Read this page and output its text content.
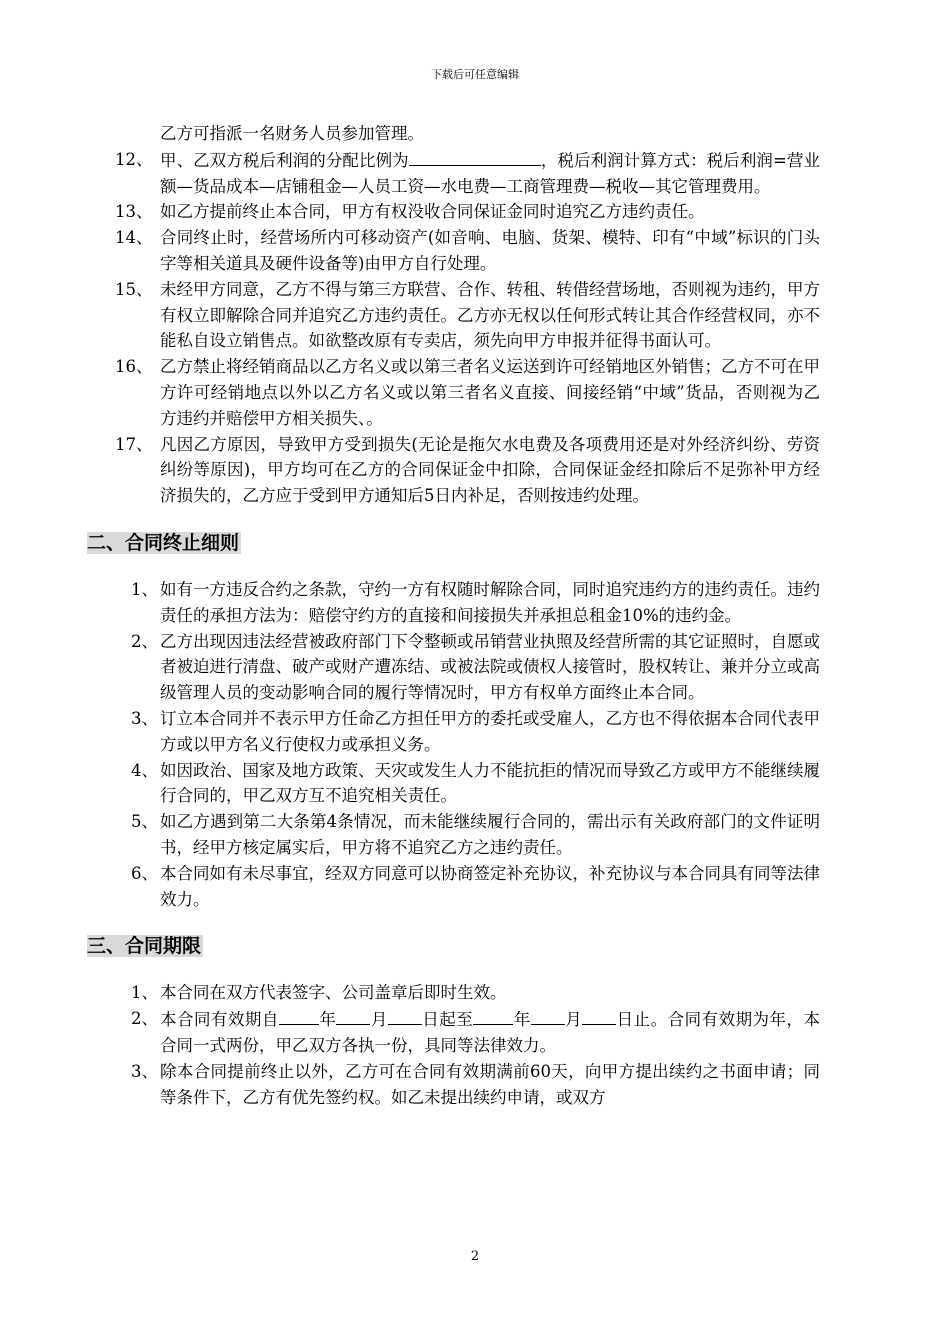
下载后可任意编辑
乙方可指派一名财务人员参加管理。
12、 甲、乙双方税后利润的分配比例为	，税后利润计算方式：税后利润=营业额—货品成本—店铺租金—人员工资—水电费—工商管理费—税收—其它管理费用。
13、 如乙方提前终止本合同，甲方有权没收合同保证金同时追究乙方违约责任。
14、 合同终止时，经营场所内可移动资产(如音响、电脑、货架、模特、印有“中域”标识的门头字等相关道具及硬件设备等)由甲方自行处理。
15、 未经甲方同意，乙方不得与第三方联营、合作、转租、转借经营场地，否则视为违约，甲方有权立即解除合同并追究乙方违约责任。乙方亦无权以任何形式转让其合作经营权同，亦不能私自设立销售点。如欲整改原有专卖店，须先向甲方申报并征得书面认可。
16、 乙方禁止将经销商品以乙方名义或以第三者名义运送到许可经销地区外销售；乙方不可在甲方许可经销地点以外以乙方名义或以第三者名义直接、间接经销“中域”货品，否则视为乙方违约并赔偿甲方相关损失、。
17、 凡因乙方原因，导致甲方受到损失(无论是拖欠水电费及各项费用还是对外经济纠纷、劳资纠纷等原因)，甲方均可在乙方的合同保证金中扣除，合同保证金经扣除后不足弥补甲方经济损失的，乙方应于受到甲方通知后5日内补足，否则按违约处理。
二、合同终止细则
1、 如有一方违反合约之条款，守约一方有权随时解除合同，同时追究违约方的违约责任。违约责任的承担方法为：赔偿守约方的直接和间接损失并承担总租金10%的违约金。
2、 乙方出现因违法经营被政府部门下令整顿或吊销营业执照及经营所需的其它证照时，自愿或者被迫进行清盘、破产或财产遭冻结、或被法院或债权人接管时，股权转让、兼并分立或高级管理人员的变动影响合同的履行等情况时，甲方有权单方面终止本合同。
3、 订立本合同并不表示甲方任命乙方担任甲方的委托或受雇人，乙方也不得依据本合同代表甲方或以甲方名义行使权力或承担义务。
4、 如因政治、国家及地方政策、天灾或发生人力不能抗拒的情况而导致乙方或甲方不能继续履行合同的，甲乙双方互不追究相关责任。
5、 如乙方遇到第二大条第4条情况，而未能继续履行合同的，需出示有关政府部门的文件证明书，经甲方核定属实后，甲方将不追究乙方之违约责任。
6、 本合同如有未尽事宜，经双方同意可以协商签定补充协议，补充协议与本合同具有同等法律效力。
三、合同期限
1、 本合同在双方代表签字、公司盖章后即时生效。
2、 本合同有效期自 年 月 日起至 年 月 日止。合同有效期为年，本合同一式两份，甲乙双方各执一份，具同等法律效力。
3、 除本合同提前终止以外，乙方可在合同有效期满前60天，向甲方提出续约之书面申请；同等条件下，乙方有优先签约权。如乙未提出续约申请，或双方
2
